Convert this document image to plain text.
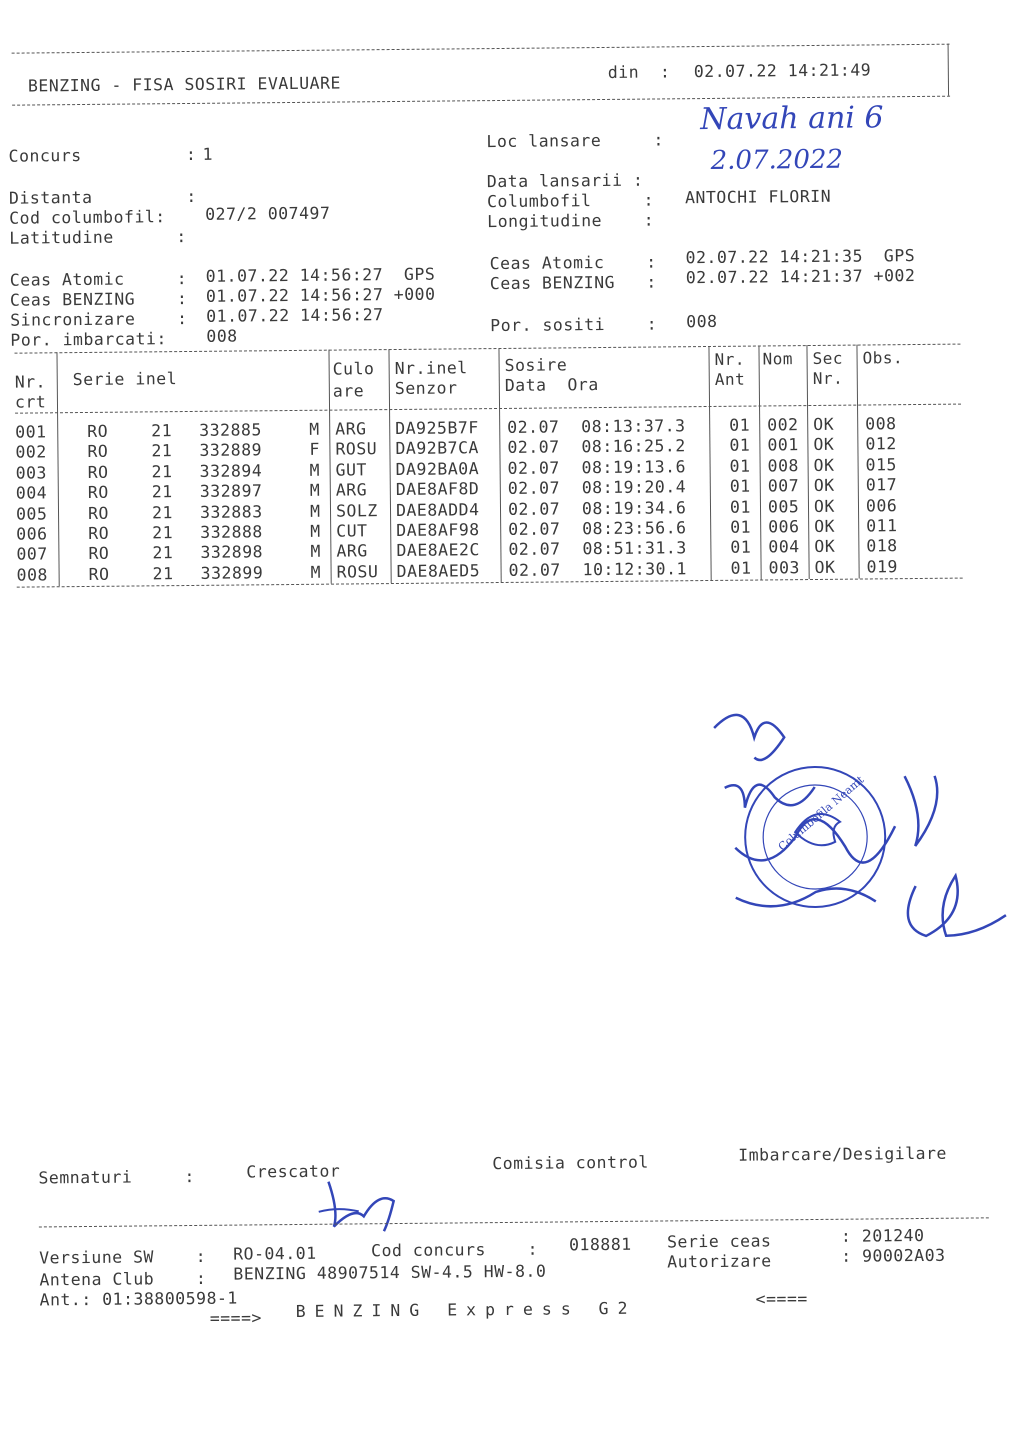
BENZING - FISA SOSIRI EVALUARE
din  : 02.07.22 14:21:49
Concurs          : 1
Distanta         :
Cod columbofil: 027/2 007497
Latitudine      :
Ceas Atomic     : 01.07.22 14:56:27  GPS
Ceas BENZING    : 01.07.22 14:56:27 +000
Sincronizare    : 01.07.22 14:56:27
Por. imbarcati: 008
Loc lansare     :
Navah ani 6
Data lansarii :
2.07.2022
Columbofil     : ANTOCHI FLORIN
Longitudine    :
Ceas Atomic    : 02.07.22 14:21:35  GPS
Ceas BENZING   : 02.07.22 14:21:37 +002
Por. sositi    : 008
Nr.
crt
Serie inel
Culo
are
Nr.inel
Senzor
Sosire
Data  Ora
Nr.
Ant
Nom Sec
Nr.
Obs.
001 RO	21 332885	M ARG DA925B7F 02.07 08:13:37.3	01 002 OK 008
002 RO	21 332889	F ROSU DA92B7CA 02.07 08:16:25.2	01 001 OK 012
003 RO	21 332894	M GUT DA92BA0A 02.07 08:19:13.6	01 008 OK 015
004 RO	21 332897	M ARG DAE8AF8D 02.07 08:19:20.4	01 007 OK 017
005 RO	21 332883	M SOLZ DAE8ADD4 02.07 08:19:34.6	01 005 OK 006
006 RO	21 332888	M CUT DAE8AF98 02.07 08:23:56.6	01 006 OK 011
007 RO	21 332898	M ARG DAE8AE2C 02.07 08:51:31.3	01 004 OK 018
008 RO	21 332899	M ROSU DAE8AED5 02.07 10:12:30.1	01 003 OK 019
Columbofila Neamt
Semnaturi     :	Crescator	Comisia control	Imbarcare/Desigilare
Versiune SW    : RO-04.01	Cod concurs    : 018881 Serie ceas	: 201240
Antena Club    : BENZING 48907514 SW-4.5 HW-8.0
Autorizare	: 90002A03
Ant.: 01:38800598-1
====> BENZING Express G2	<====
